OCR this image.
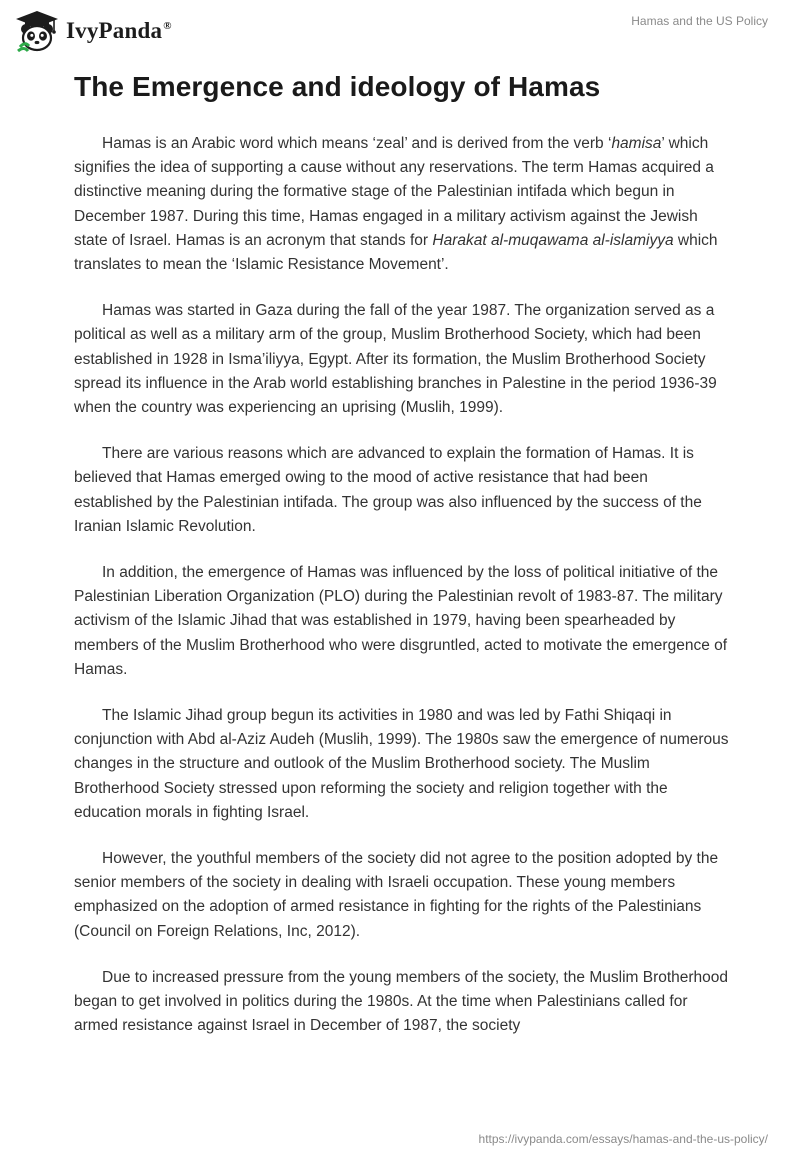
IvyPanda®	Hamas and the US Policy
The Emergence and ideology of Hamas

Hamas is an Arabic word which means ‘zeal’ and is derived from the verb ‘hamisa’ which signifies the idea of supporting a cause without any reservations. The term Hamas acquired a distinctive meaning during the formative stage of the Palestinian intifada which begun in December 1987. During this time, Hamas engaged in a military activism against the Jewish state of Israel. Hamas is an acronym that stands for Harakat al-muqawama al-islamiyya which translates to mean the ‘Islamic Resistance Movement’.

Hamas was started in Gaza during the fall of the year 1987. The organization served as a political as well as a military arm of the group, Muslim Brotherhood Society, which had been established in 1928 in Isma’iliyya, Egypt. After its formation, the Muslim Brotherhood Society spread its influence in the Arab world establishing branches in Palestine in the period 1936-39 when the country was experiencing an uprising (Muslih, 1999).

There are various reasons which are advanced to explain the formation of Hamas. It is believed that Hamas emerged owing to the mood of active resistance that had been established by the Palestinian intifada. The group was also influenced by the success of the Iranian Islamic Revolution.

In addition, the emergence of Hamas was influenced by the loss of political initiative of the Palestinian Liberation Organization (PLO) during the Palestinian revolt of 1983-87. The military activism of the Islamic Jihad that was established in 1979, having been spearheaded by members of the Muslim Brotherhood who were disgruntled, acted to motivate the emergence of Hamas.

The Islamic Jihad group begun its activities in 1980 and was led by Fathi Shiqaqi in conjunction with Abd al-Aziz Audeh (Muslih, 1999). The 1980s saw the emergence of numerous changes in the structure and outlook of the Muslim Brotherhood society. The Muslim Brotherhood Society stressed upon reforming the society and religion together with the education morals in fighting Israel.

However, the youthful members of the society did not agree to the position adopted by the senior members of the society in dealing with Israeli occupation. These young members emphasized on the adoption of armed resistance in fighting for the rights of the Palestinians (Council on Foreign Relations, Inc, 2012).

Due to increased pressure from the young members of the society, the Muslim Brotherhood began to get involved in politics during the 1980s. At the time when Palestinians called for armed resistance against Israel in December of 1987, the society

https://ivypanda.com/essays/hamas-and-the-us-policy/
